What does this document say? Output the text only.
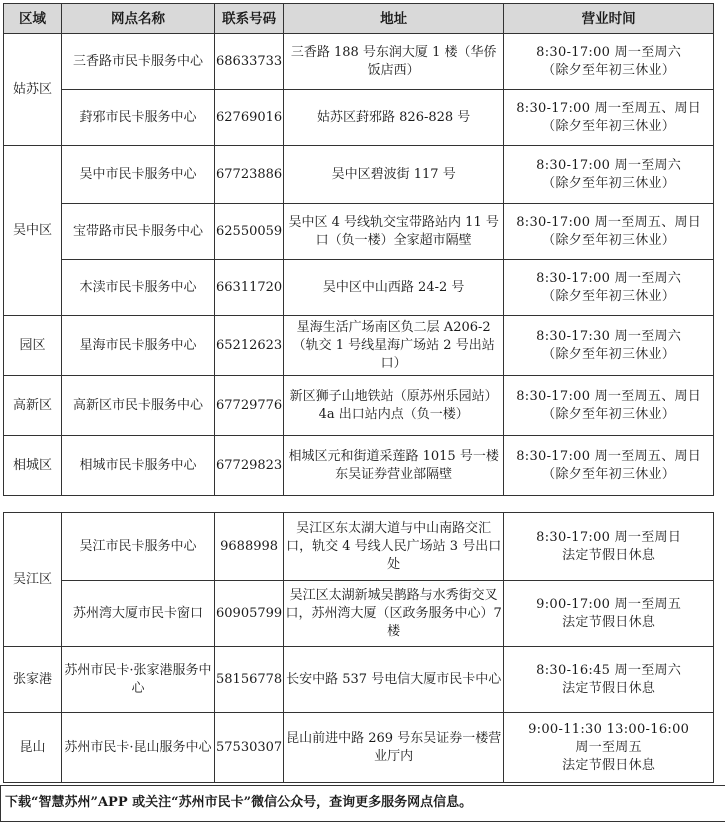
区域	网点名称	联系号码	地址	营业时间
姑苏区	三香路市民卡服务中心	68633733	三香路 188 号东润大厦 1 楼（华侨饭店西）	8:30-17:00 周一至周六
（除夕至年初三休业）

	葑邪市民卡服务中心	62769016	姑苏区葑邪路 826-828 号	8:30-17:00 周一至周五、周日
（除夕至年初三休业）

吴中区	吴中市民卡服务中心	67723886	吴中区碧波街 117 号	8:30-17:00 周一至周六
（除夕至年初三休业）

	宝带路市民卡服务中心	62550059	吴中区 4 号线轨交宝带路站内 11 号口（负一楼）全家超市隔壁	8:30-17:00 周一至周五、周日
（除夕至年初三休业）

	木渎市民卡服务中心	66311720	吴中区中山西路 24-2 号	8:30-17:00 周一至周六
（除夕至年初三休业）

园区	星海市民卡服务中心	65212623	星海生活广场南区负二层 A206-2（轨交 1 号线星海广场站 2 号出站口）	8:30-17:30 周一至周六
（除夕至年初三休业）

高新区	高新区市民卡服务中心	67729776	新区狮子山地铁站（原苏州乐园站）4a 出口站内点（负一楼）	8:30-17:00 周一至周五、周日
（除夕至年初三休业）

相城区	相城市民卡服务中心	67729823	相城区元和街道采莲路 1015 号一楼东吴证券营业部隔壁	8:30-17:00 周一至周五、周日
（除夕至年初三休业）
吴江区	吴江市民卡服务中心	9688998	吴江区东太湖大道与中山南路交汇口，轨交 4 号线人民广场站 3 号出口处	8:30-17:00 周一至周日
法定节假日休息

	苏州湾大厦市民卡窗口	60905799	吴江区太湖新城吴鹊路与水秀街交叉口，苏州湾大厦（区政务服务中心）7 楼	9:00-17:00 周一至周五
法定节假日休息

张家港	苏州市民卡·张家港服务中心	58156778	长安中路 537 号电信大厦市民卡中心	8:30-16:45 周一至周六
法定节假日休息

昆山	苏州市民卡·昆山服务中心	57530307	昆山前进中路 269 号东吴证券一楼营业厅内	9:00-11:30 13:00-16:00
周一至周五
法定节假日休息
下载“智慧苏州”APP 或关注“苏州市民卡”微信公众号，查询更多服务网点信息。
